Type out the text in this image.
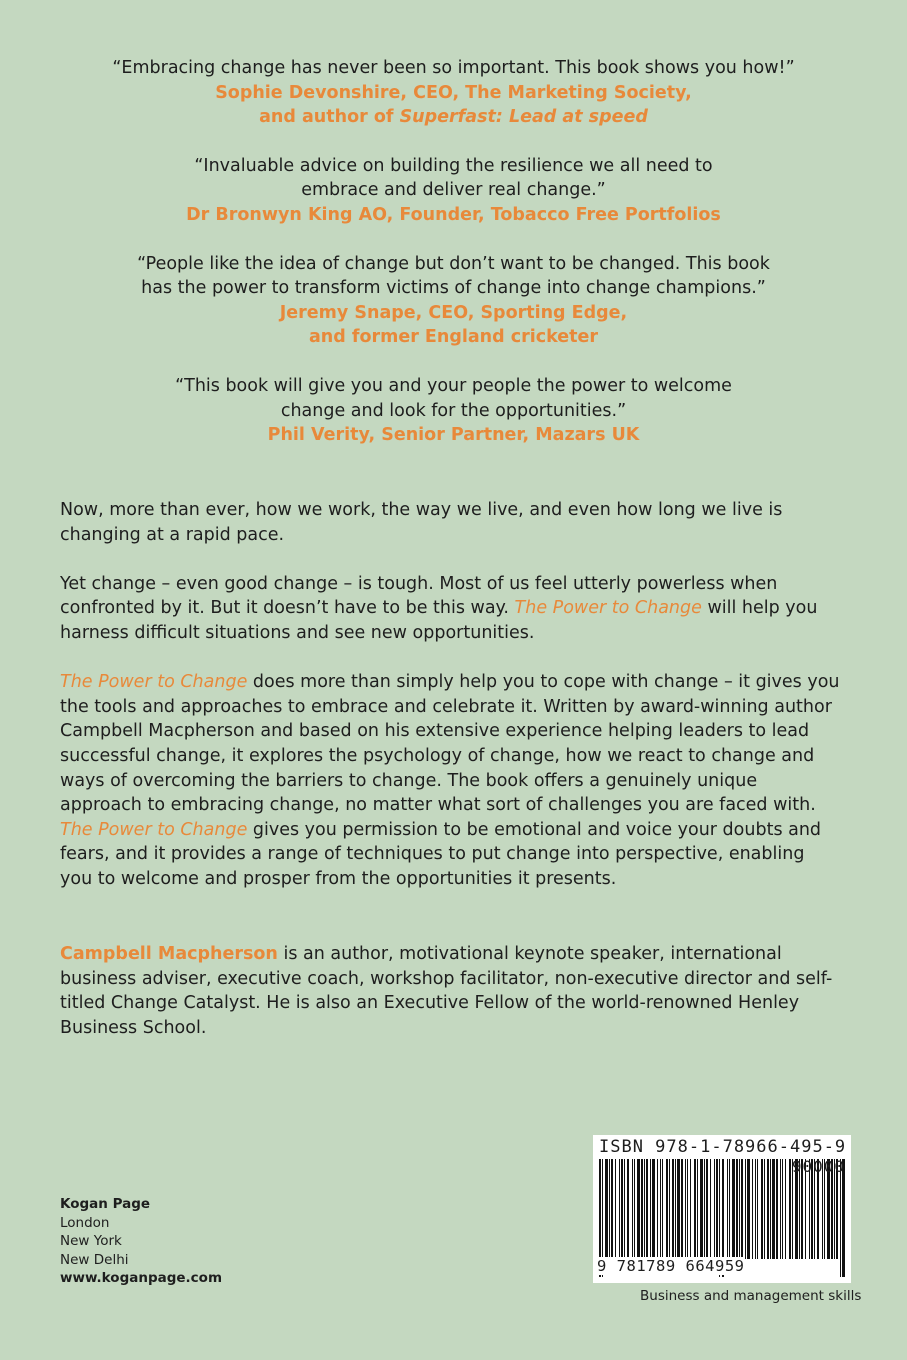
“Embracing change has never been so important. This book shows you how!”

Sophie Devonshire, CEO, The Marketing Society,

and author of Superfast: Lead at speed

“Invaluable advice on building the resilience we all need to

embrace and deliver real change.”

Dr Bronwyn King AO, Founder, Tobacco Free Portfolios

“People like the idea of change but don’t want to be changed. This book

has the power to transform victims of change into change champions.”

Jeremy Snape, CEO, Sporting Edge,

and former England cricketer

“This book will give you and your people the power to welcome

change and look for the opportunities.”

Phil Verity, Senior Partner, Mazars UK

Now, more than ever, how we work, the way we live, and even how long we live is changing at a rapid pace.

Yet change – even good change – is tough. Most of us feel utterly powerless when confronted by it. But it doesn’t have to be this way. The Power to Change will help you harness difficult situations and see new opportunities.

The Power to Change does more than simply help you to cope with change – it gives you the tools and approaches to embrace and celebrate it. Written by award-winning author Campbell Macpherson and based on his extensive experience helping leaders to lead successful change, it explores the psychology of change, how we react to change and ways of overcoming the barriers to change. The book offers a genuinely unique approach to embracing change, no matter what sort of challenges you are faced with. The Power to Change gives you permission to be emotional and voice your doubts and fears, and it provides a range of techniques to put change into perspective, enabling you to welcome and prosper from the opportunities it presents.

Campbell Macpherson is an author, motivational keynote speaker, international business adviser, executive coach, workshop facilitator, non-executive director and self-titled Change Catalyst. He is also an Executive Fellow of the world-renowned Henley Business School.

Kogan Page
London
New York
New Delhi
www.koganpage.com
ISBN 978-1-78966-495-9
90000
9 781789 664959
Business and management skills
